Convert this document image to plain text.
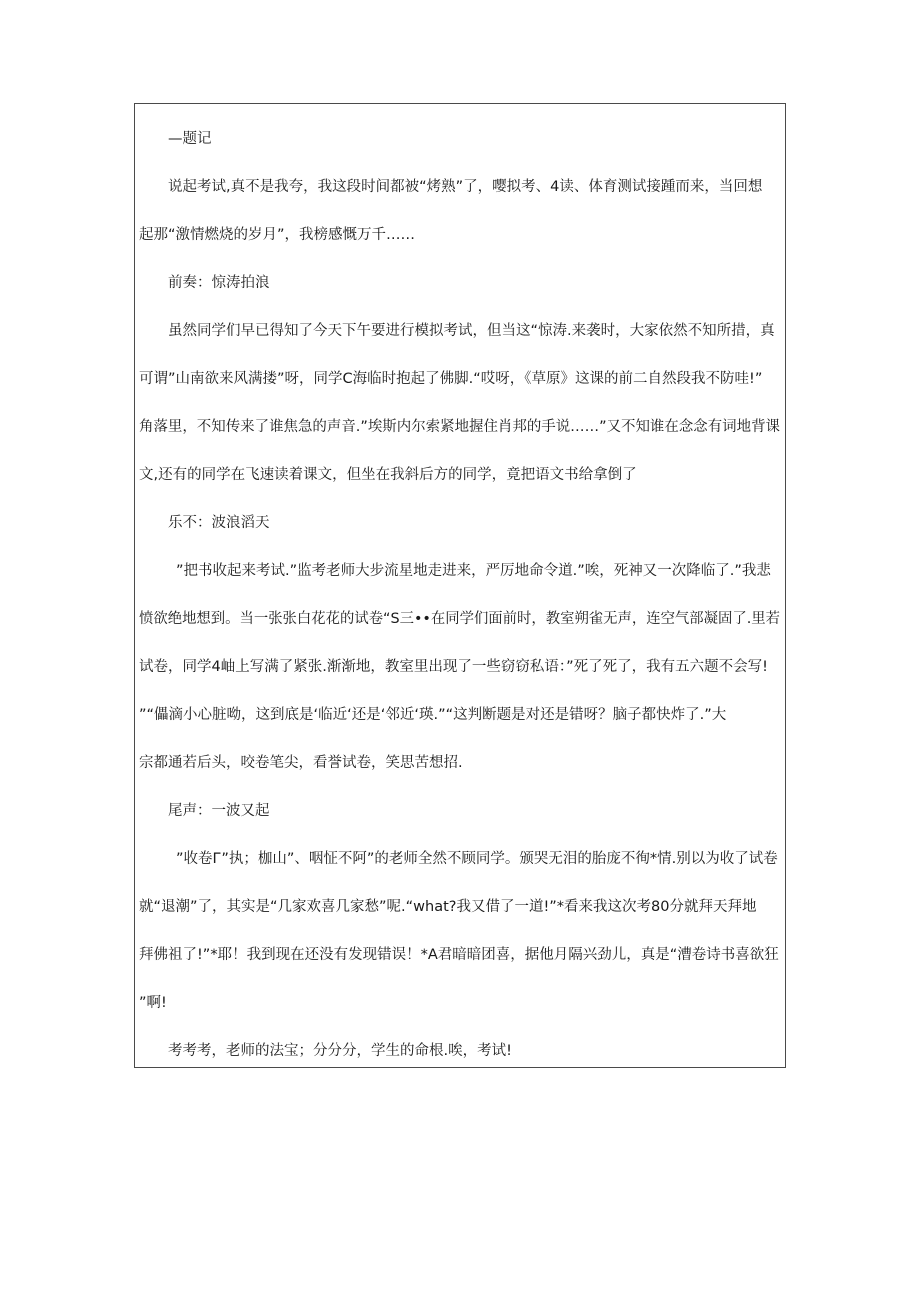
—题记

说起考试,真不是我夸，我这段时间都被“烤熟”了，嘤拟考、4读、体育测试接踵而来，当回想

起那“激情燃烧的岁月”，我榜感慨万千……

前奏：惊涛拍浪

虽然同学们早已得知了今天下午要进行模拟考试，但当这“惊涛.来袭时，大家依然不知所措，真

可谓”山南欲来风满搂”呀，同学C海临时抱起了佛脚.“哎呀，《草原》这课的前二自然段我不防哇!”

角落里，不知传来了谁焦急的声音.”埃斯内尔索紧地握住肖邦的手说……”又不知谁在念念有词地背课

文,还有的同学在飞速读着课文，但坐在我斜后方的同学，竟把语文书给拿倒了

乐不：波浪滔天

”把书收起来考试.”监考老师大步流星地走进来，严厉地命令道.”唉，死神又一次降临了.”我悲

愤欲绝地想到。当一张张白花花的试卷“S三••在同学们面前时，教室朔雀无声，连空气部凝固了.里若

试卷，同学4岫上写满了紧张.渐渐地，教室里出现了一些窃窃私语：”死了死了，我有五六题不会写!

”“儡滴小心脏呦，这到底是‘临近‘还是‘邻近‘瑛.”“这判断题是对还是错呀？脑子都快炸了.”大

宗都通若后头，咬卷笔尖，看誉试卷，笑思苦想招.

尾声：一波又起

”收卷Г”执；枷山”、咽怔不阿”的老师全然不顾同学。颁哭无泪的胎庞不徇*情.别以为收了试卷

就“退潮”了，其实是“几家欢喜几家愁”呢.“what?我又借了一道!”*看来我这次考80分就拜天拜地

拜佛祖了!”*耶！我到现在还没有发现错误！*A君暗暗团喜，据他月隔兴劲儿，真是“漕卷诗书喜欲狂

”啊!

考考考，老师的法宝；分分分，学生的命根.唉，考试!
